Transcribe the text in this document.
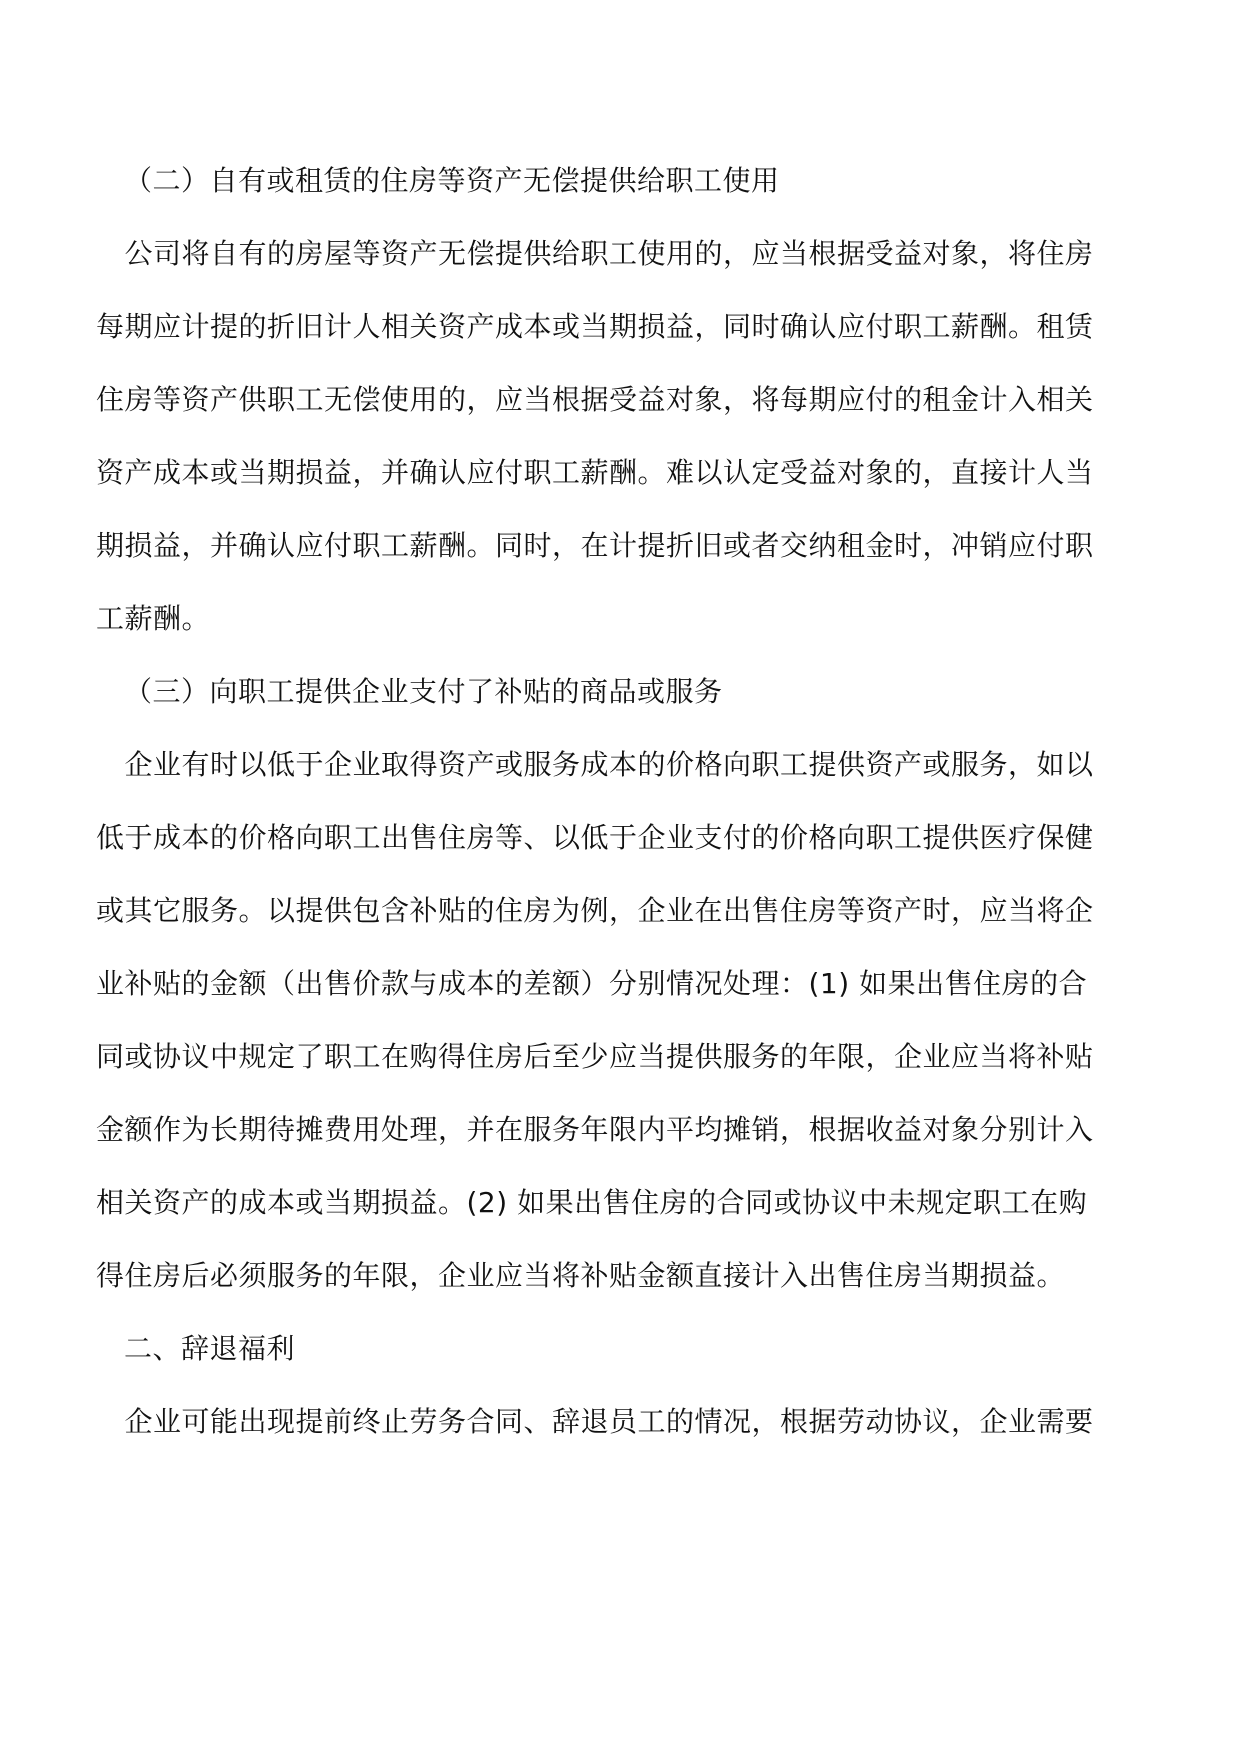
（二）自有或租赁的住房等资产无偿提供给职工使用
　公司将自有的房屋等资产无偿提供给职工使用的，应当根据受益对象，将住房
每期应计提的折旧计人相关资产成本或当期损益，同时确认应付职工薪酬。租赁
住房等资产供职工无偿使用的，应当根据受益对象，将每期应付的租金计入相关
资产成本或当期损益，并确认应付职工薪酬。难以认定受益对象的，直接计人当
期损益，并确认应付职工薪酬。同时，在计提折旧或者交纳租金时，冲销应付职
工薪酬。
（三）向职工提供企业支付了补贴的商品或服务
　企业有时以低于企业取得资产或服务成本的价格向职工提供资产或服务，如以
低于成本的价格向职工出售住房等、以低于企业支付的价格向职工提供医疗保健
或其它服务。以提供包含补贴的住房为例，企业在出售住房等资产时，应当将企
业补贴的金额（出售价款与成本的差额）分别情况处理：(1) 如果出售住房的合
同或协议中规定了职工在购得住房后至少应当提供服务的年限，企业应当将补贴
金额作为长期待摊费用处理，并在服务年限内平均摊销，根据收益对象分别计入
相关资产的成本或当期损益。(2) 如果出售住房的合同或协议中未规定职工在购
得住房后必须服务的年限，企业应当将补贴金额直接计入出售住房当期损益。
二、辞退福利
　企业可能出现提前终止劳务合同、辞退员工的情况，根据劳动协议，企业需要
